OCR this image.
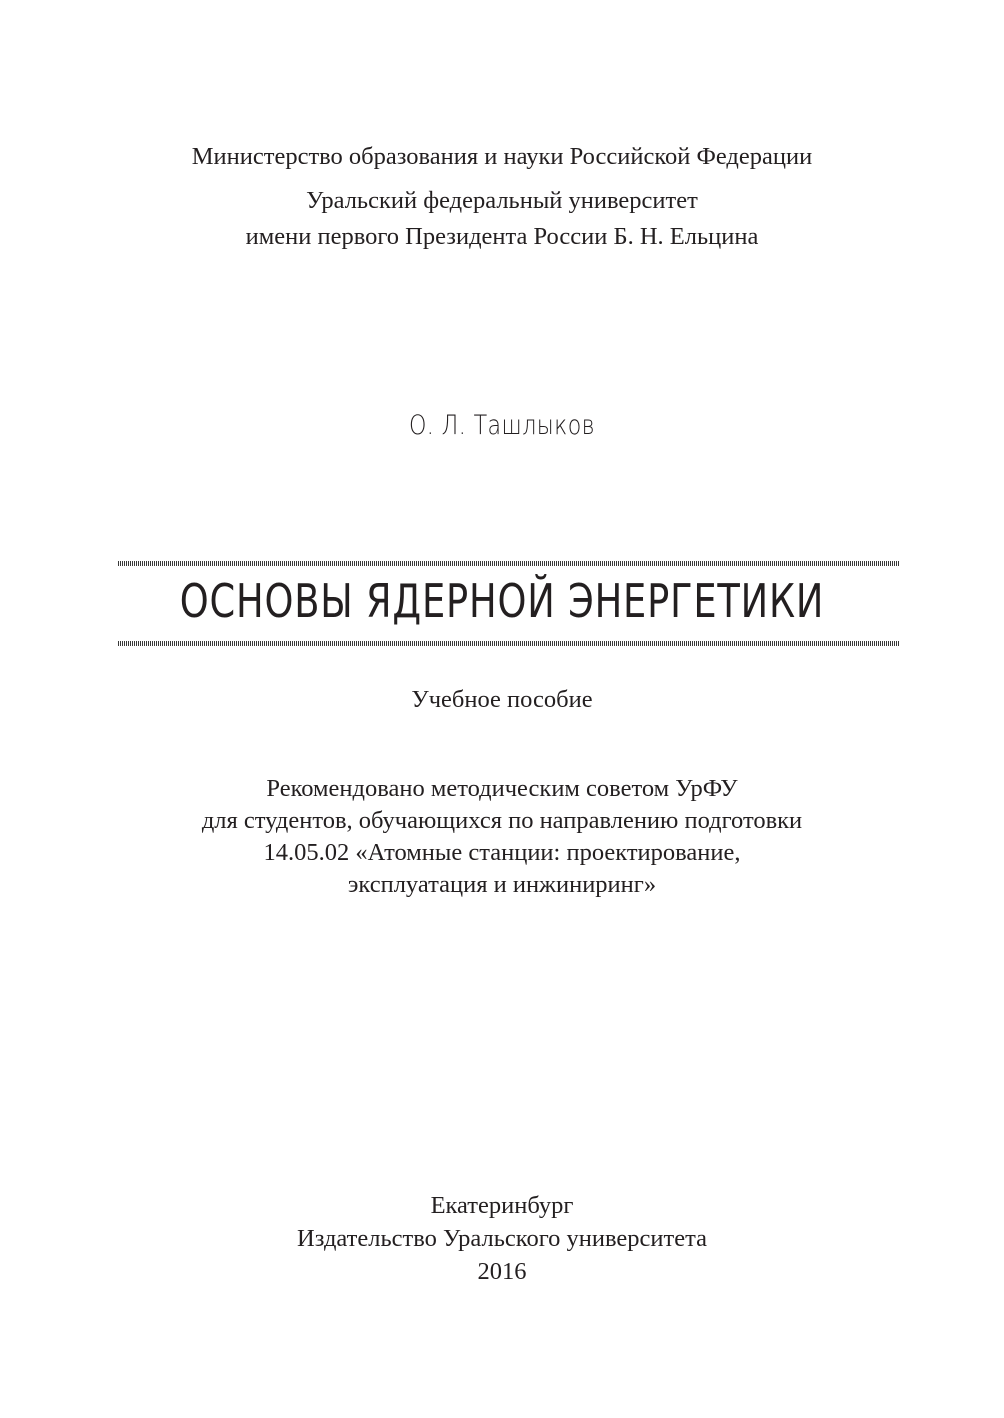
Министерство образования и науки Российской Федерации
Уральский федеральный университет
имени первого Президента России Б. Н. Ельцина
О. Л. Ташлыков
ОСНОВЫ ЯДЕРНОЙ ЭНЕРГЕТИКИ
Учебное пособие
Рекомендовано методическим советом УрФУ
для студентов, обучающихся по направлению подготовки
14.05.02 «Атомные станции: проектирование,
эксплуатация и инжиниринг»
Екатеринбург
Издательство Уральского университета
2016
